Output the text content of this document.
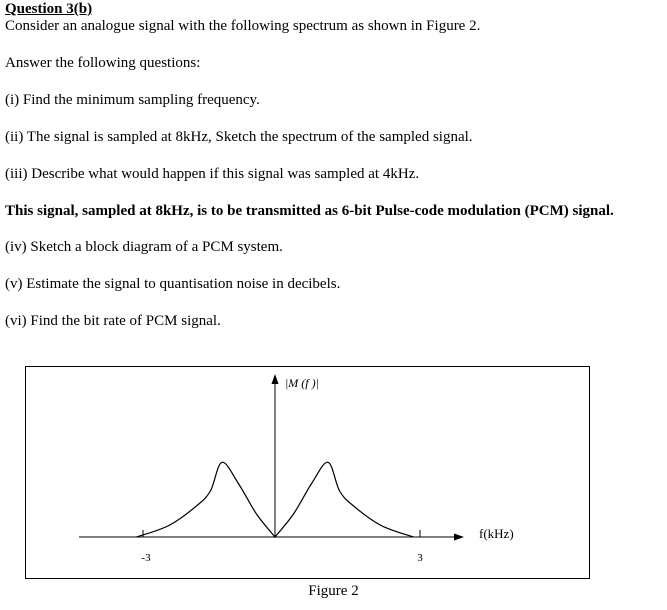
Question 3(b)
Consider an analogue signal with the following spectrum as shown in Figure 2.
Answer the following questions:
(i) Find the minimum sampling frequency.
(ii) The signal is sampled at 8kHz, Sketch the spectrum of the sampled signal.
(iii) Describe what would happen if this signal was sampled at 4kHz.
This signal, sampled at 8kHz, is to be transmitted as 6-bit Pulse-code modulation (PCM) signal.
(iv) Sketch a block diagram of a PCM system.
(v) Estimate the signal to quantisation noise in decibels.
(vi) Find the bit rate of PCM signal.
-3	3
|M (f )|
f(kHz)
Figure 2
